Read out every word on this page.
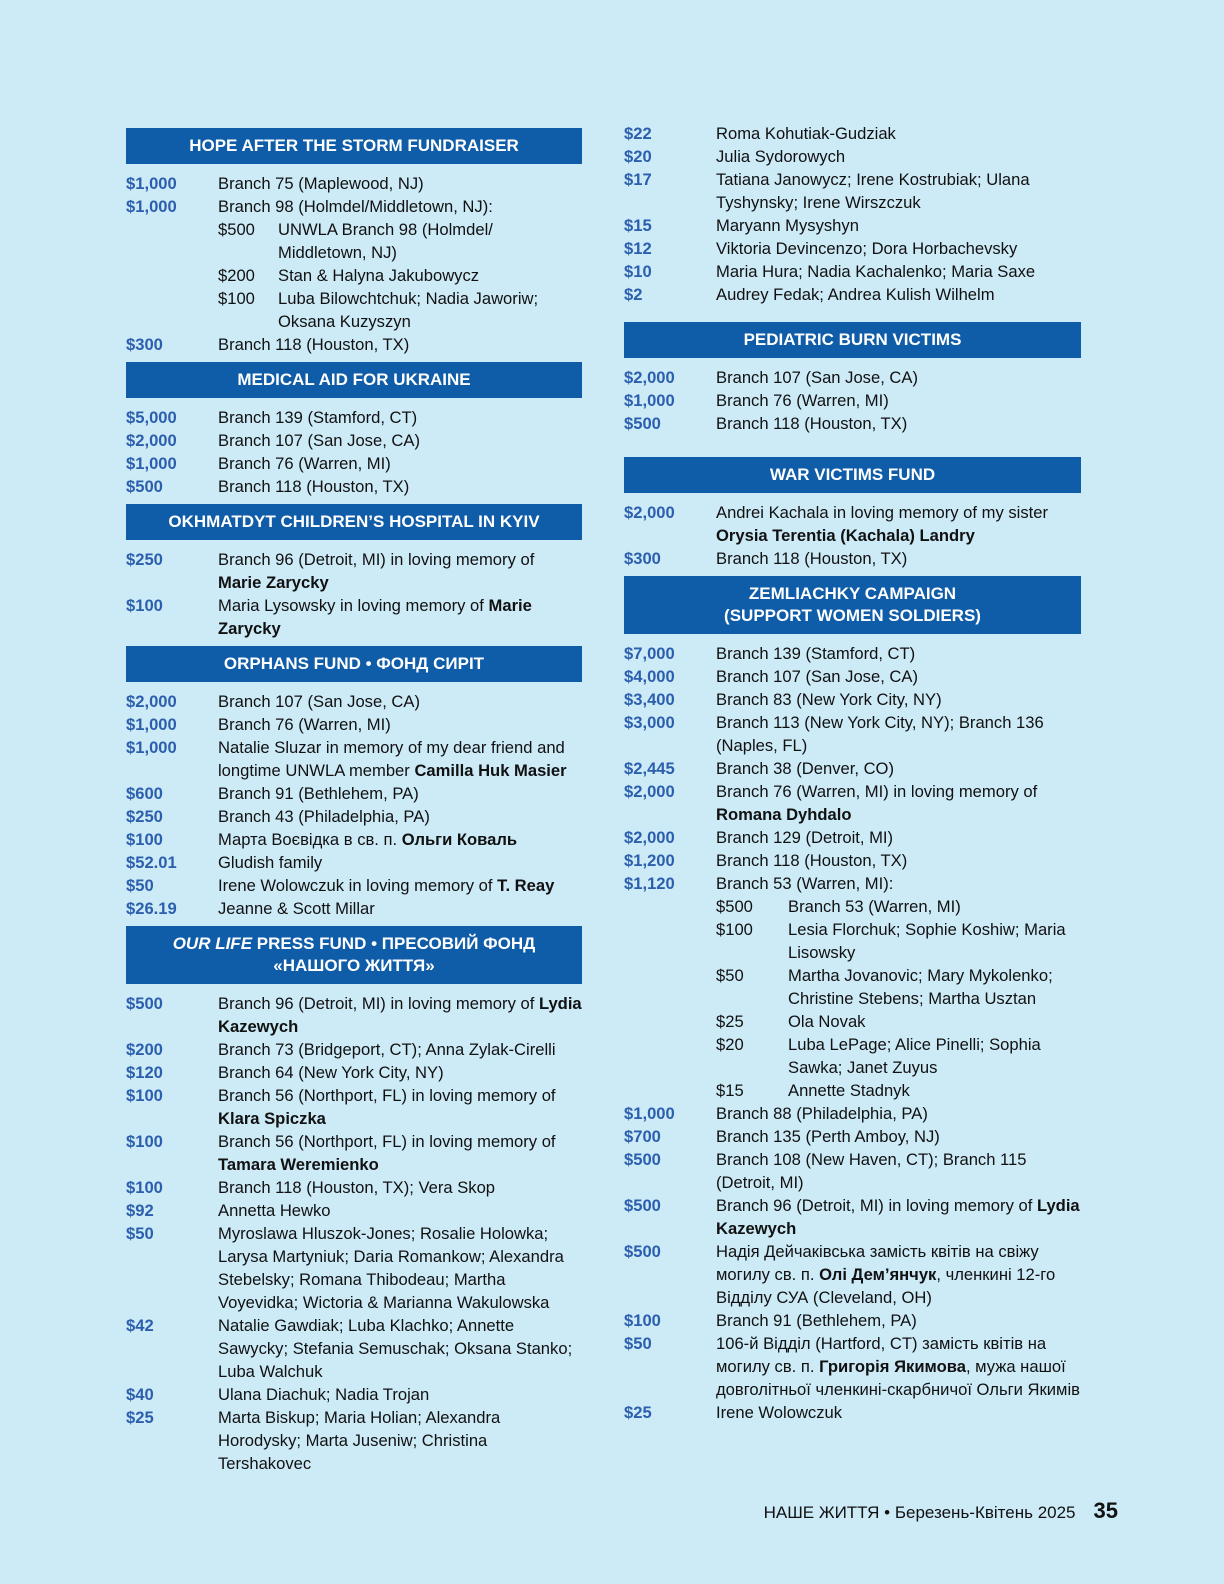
HOPE AFTER THE STORM FUNDRAISER
$1,000	Branch 75 (Maplewood, NJ)
$1,000	Branch 98 (Holmdel/Middletown, NJ):
$500	UNWLA Branch 98 (Holmdel/ Middletown, NJ)
$200	Stan & Halyna Jakubowycz
$100	Luba Bilowchtchuk; Nadia Jaworiw; Oksana Kuzyszyn
$300	Branch 118 (Houston, TX)
MEDICAL AID FOR UKRAINE
$5,000	Branch 139 (Stamford, CT)
$2,000	Branch 107 (San Jose, CA)
$1,000	Branch 76 (Warren, MI)
$500	Branch 118 (Houston, TX)
OKHMATDYT CHILDREN’S HOSPITAL IN KYIV
$250	Branch 96 (Detroit, MI) in loving memory of Marie Zarycky
$100	Maria Lysowsky in loving memory of Marie Zarycky
ORPHANS FUND • ФОНД СИРІТ
$2,000	Branch 107 (San Jose, CA)
$1,000	Branch 76 (Warren, MI)
$1,000	Natalie Sluzar in memory of my dear friend and longtime UNWLA member Camilla Huk Masier
$600	Branch 91 (Bethlehem, PA)
$250	Branch 43 (Philadelphia, PA)
$100	Марта Воєвідка в св. п. Ольги Коваль
$52.01	Gludish family
$50	Irene Wolowczuk in loving memory of T. Reay
$26.19	Jeanne & Scott Millar
OUR LIFE PRESS FUND • ПРЕСОВИЙ ФОНД
«НАШОГО ЖИТТЯ»
$500	Branch 96 (Detroit, MI) in loving memory of Lydia Kazewych
$200	Branch 73 (Bridgeport, CT); Anna Zylak-Cirelli
$120	Branch 64 (New York City, NY)
$100	Branch 56 (Northport, FL) in loving memory of Klara Spiczka
$100	Branch 56 (Northport, FL) in loving memory of Tamara Weremienko
$100	Branch 118 (Houston, TX); Vera Skop
$92	Annetta Hewko
$50	Myroslawa Hluszok-Jones; Rosalie Holowka; Larysa Martyniuk; Daria Romankow; Alexandra Stebelsky; Romana Thibodeau; Martha Voyevidka; Wictoria & Marianna Wakulowska
$42	Natalie Gawdiak; Luba Klachko; Annette Sawycky; Stefania Semuschak; Oksana Stanko; Luba Walchuk
$40	Ulana Diachuk; Nadia Trojan
$25	Marta Biskup; Maria Holian; Alexandra Horodysky; Marta Juseniw; Christina Tershakovec
$22	Roma Kohutiak-Gudziak
$20	Julia Sydorowych
$17	Tatiana Janowycz; Irene Kostrubiak; Ulana Tyshynsky; Irene Wirszczuk
$15	Maryann Mysyshyn
$12	Viktoria Devincenzo; Dora Horbachevsky
$10	Maria Hura; Nadia Kachalenko; Maria Saxe
$2	Audrey Fedak; Andrea Kulish Wilhelm
PEDIATRIC BURN VICTIMS
$2,000	Branch 107 (San Jose, CA)
$1,000	Branch 76 (Warren, MI)
$500	Branch 118 (Houston, TX)
WAR VICTIMS FUND
$2,000	Andrei Kachala in loving memory of my sister Orysia Terentia (Kachala) Landry
$300	Branch 118 (Houston, TX)
ZEMLIACHKY CAMPAIGN
(SUPPORT WOMEN SOLDIERS)
$7,000	Branch 139 (Stamford, CT)
$4,000	Branch 107 (San Jose, CA)
$3,400	Branch 83 (New York City, NY)
$3,000	Branch 113 (New York City, NY); Branch 136 (Naples, FL)
$2,445	Branch 38 (Denver, CO)
$2,000	Branch 76 (Warren, MI) in loving memory of Romana Dyhdalo
$2,000	Branch 129 (Detroit, MI)
$1,200	Branch 118 (Houston, TX)
$1,120	Branch 53 (Warren, MI):
$500	Branch 53 (Warren, MI)
$100	Lesia Florchuk; Sophie Koshiw; Maria Lisowsky
$50	Martha Jovanovic; Mary Mykolenko; Christine Stebens; Martha Usztan
$25	Ola Novak
$20	Luba LePage; Alice Pinelli; Sophia Sawka; Janet Zuyus
$15	Annette Stadnyk
$1,000	Branch 88 (Philadelphia, PA)
$700	Branch 135 (Perth Amboy, NJ)
$500	Branch 108 (New Haven, CT); Branch 115 (Detroit, MI)
$500	Branch 96 (Detroit, MI) in loving memory of Lydia Kazewych
$500	Надія Дейчаківська замість квітів на свіжу могилу св. п. Олі Дем’янчук, членкині 12-го Відділу СУА (Cleveland, OH)
$100	Branch 91 (Bethlehem, PA)
$50	106-й Відділ (Hartford, CT) замість квітів на могилу св. п. Григорія Якимова, мужа нашої довголітньої членкині-скарбничої Ольги Якимів
$25	Irene Wolowczuk
НАШЕ ЖИТТЯ • Березень-Квітень 2025 35
